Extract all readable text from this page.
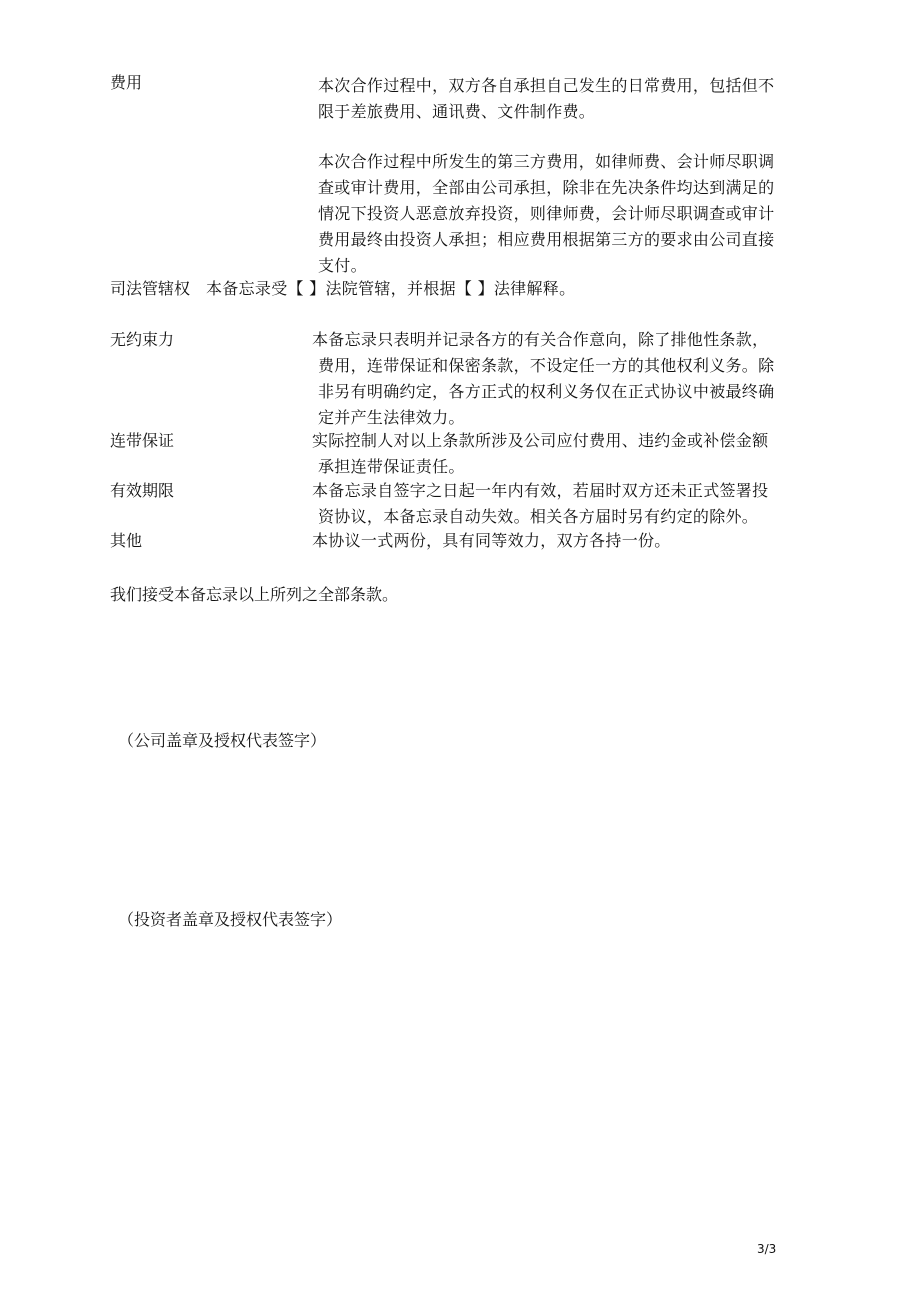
费用	本次合作过程中，双方各自承担自己发生的日常费用，包括但不
限于差旅费用、通讯费、文件制作费。
本次合作过程中所发生的第三方费用，如律师费、会计师尽职调
查或审计费用，全部由公司承担，除非在先决条件均达到满足的
情况下投资人恶意放弃投资，则律师费，会计师尽职调查或审计
费用最终由投资人承担；相应费用根据第三方的要求由公司直接
支付。
司法管辖权 本备忘录受【 】法院管辖，并根据【 】法律解释。
无约束力	本备忘录只表明并记录各方的有关合作意向，除了排他性条款，
费用，连带保证和保密条款，不设定任一方的其他权利义务。除
非另有明确约定，各方正式的权利义务仅在正式协议中被最终确
定并产生法律效力。
连带保证	实际控制人对以上条款所涉及公司应付费用、违约金或补偿金额
承担连带保证责任。
有效期限	本备忘录自签字之日起一年内有效，若届时双方还未正式签署投
资协议，本备忘录自动失效。相关各方届时另有约定的除外。
其他	本协议一式两份，具有同等效力，双方各持一份。
我们接受本备忘录以上所列之全部条款。
（公司盖章及授权代表签字）
（投资者盖章及授权代表签字）
3/3
